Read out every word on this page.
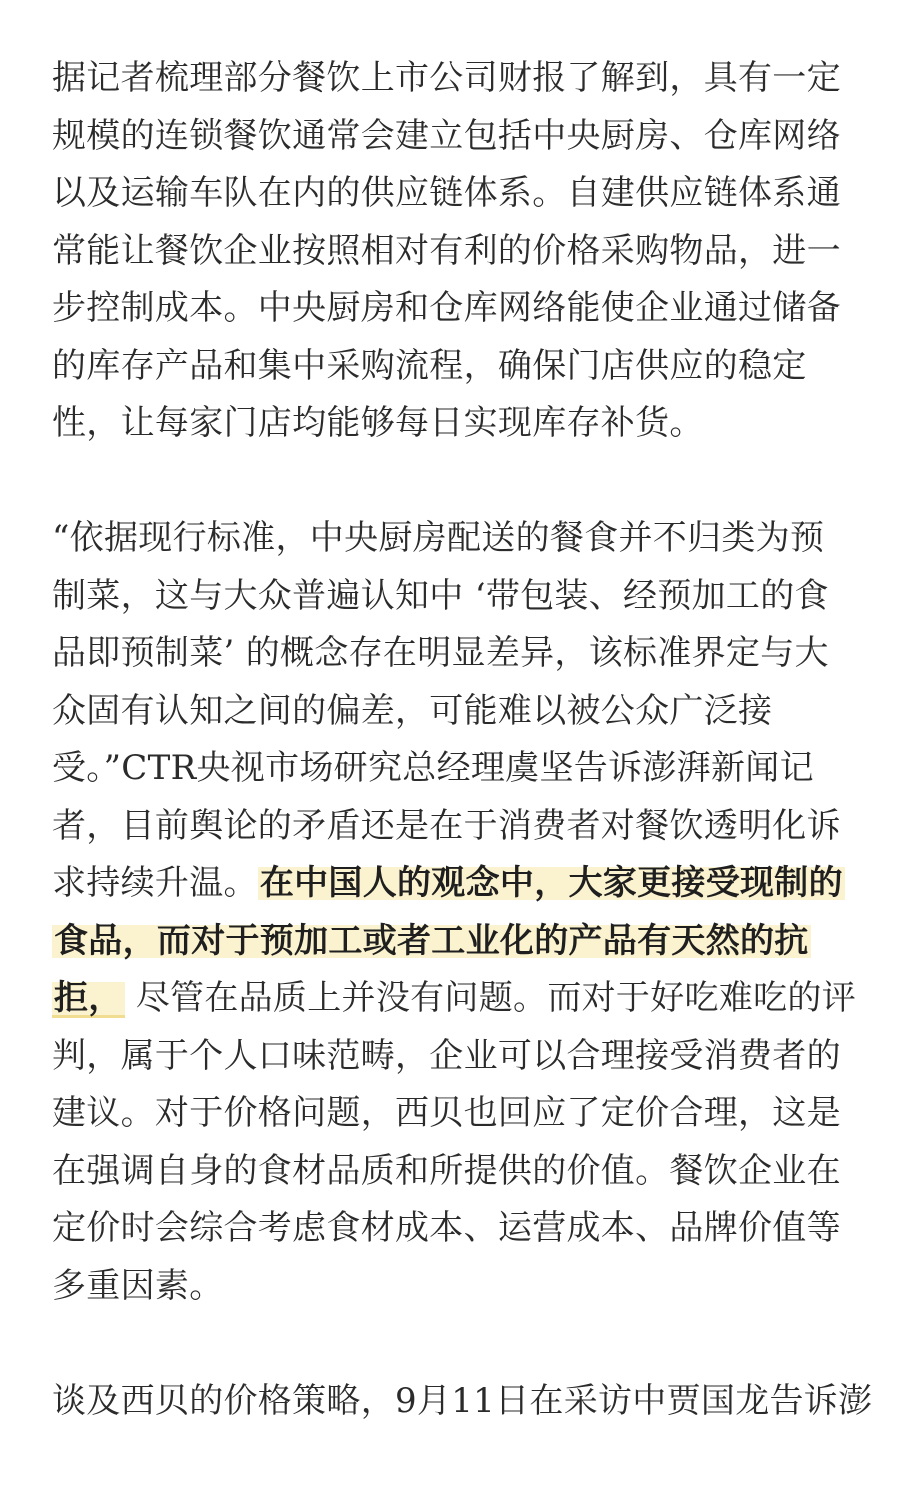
据记者梳理部分餐饮上市公司财报了解到，具有一定
规模的连锁餐饮通常会建立包括中央厨房、仓库网络
以及运输车队在内的供应链体系。自建供应链体系通
常能让餐饮企业按照相对有利的价格采购物品，进一
步控制成本。中央厨房和仓库网络能使企业通过储备
的库存产品和集中采购流程，确保门店供应的稳定
性，让每家门店均能够每日实现库存补货。
“依据现行标准，中央厨房配送的餐食并不归类为预
制菜，这与大众普遍认知中 ‘带包装、经预加工的食
品即预制菜’ 的概念存在明显差异，该标准界定与大
众固有认知之间的偏差，可能难以被公众广泛接
受。”CTR央视市场研究总经理虞坚告诉澎湃新闻记
者，目前舆论的矛盾还是在于消费者对餐饮透明化诉
求持续升温。在中国人的观念中，大家更接受现制的
食品，而对于预加工或者工业化的产品有天然的抗
拒， 尽管在品质上并没有问题。而对于好吃难吃的评
判，属于个人口味范畴，企业可以合理接受消费者的
建议。对于价格问题，西贝也回应了定价合理，这是
在强调自身的食材品质和所提供的价值。餐饮企业在
定价时会综合考虑食材成本、运营成本、品牌价值等
多重因素。
谈及西贝的价格策略，9月11日在采访中贾国龙告诉澎
